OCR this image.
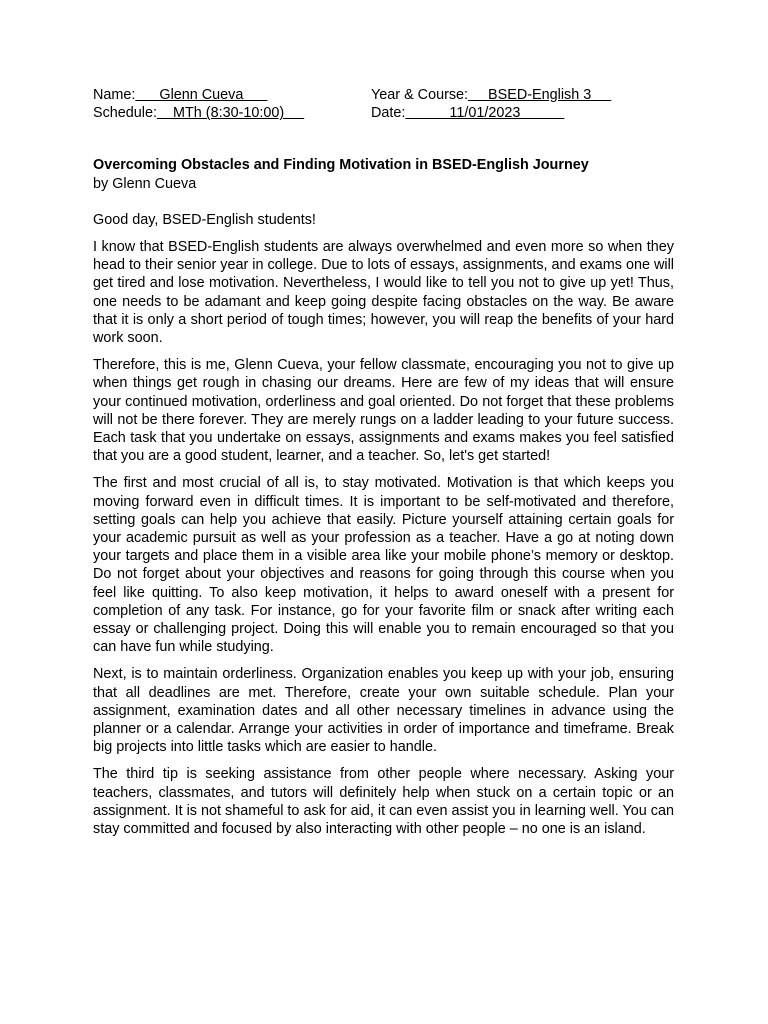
Name:      Glenn Cueva	Year & Course:     BSED-English 3
Schedule:    MTh (8:30-10:00)	Date:           11/01/2023
Overcoming Obstacles and Finding Motivation in BSED-English Journey
by Glenn Cueva

Good day, BSED-English students!

I know that BSED-English students are always overwhelmed and even more so when they head to their senior year in college. Due to lots of essays, assignments, and exams one will get tired and lose motivation. Nevertheless, I would like to tell you not to give up yet! Thus, one needs to be adamant and keep going despite facing obstacles on the way. Be aware that it is only a short period of tough times; however, you will reap the benefits of your hard work soon.

Therefore, this is me, Glenn Cueva, your fellow classmate, encouraging you not to give up when things get rough in chasing our dreams. Here are few of my ideas that will ensure your continued motivation, orderliness and goal oriented. Do not forget that these problems will not be there forever. They are merely rungs on a ladder leading to your future success. Each task that you undertake on essays, assignments and exams makes you feel satisfied that you are a good student, learner, and a teacher. So, let's get started!

The first and most crucial of all is, to stay motivated. Motivation is that which keeps you moving forward even in difficult times. It is important to be self-motivated and therefore, setting goals can help you achieve that easily. Picture yourself attaining certain goals for your academic pursuit as well as your profession as a teacher. Have a go at noting down your targets and place them in a visible area like your mobile phone’s memory or desktop. Do not forget about your objectives and reasons for going through this course when you feel like quitting. To also keep motivation, it helps to award oneself with a present for completion of any task. For instance, go for your favorite film or snack after writing each essay or challenging project. Doing this will enable you to remain encouraged so that you can have fun while studying.

Next, is to maintain orderliness. Organization enables you keep up with your job, ensuring that all deadlines are met. Therefore, create your own suitable schedule. Plan your assignment, examination dates and all other necessary timelines in advance using the planner or a calendar. Arrange your activities in order of importance and timeframe. Break big projects into little tasks which are easier to handle.

The third tip is seeking assistance from other people where necessary. Asking your teachers, classmates, and tutors will definitely help when stuck on a certain topic or an assignment. It is not shameful to ask for aid, it can even assist you in learning well. You can stay committed and focused by also interacting with other people – no one is an island.
